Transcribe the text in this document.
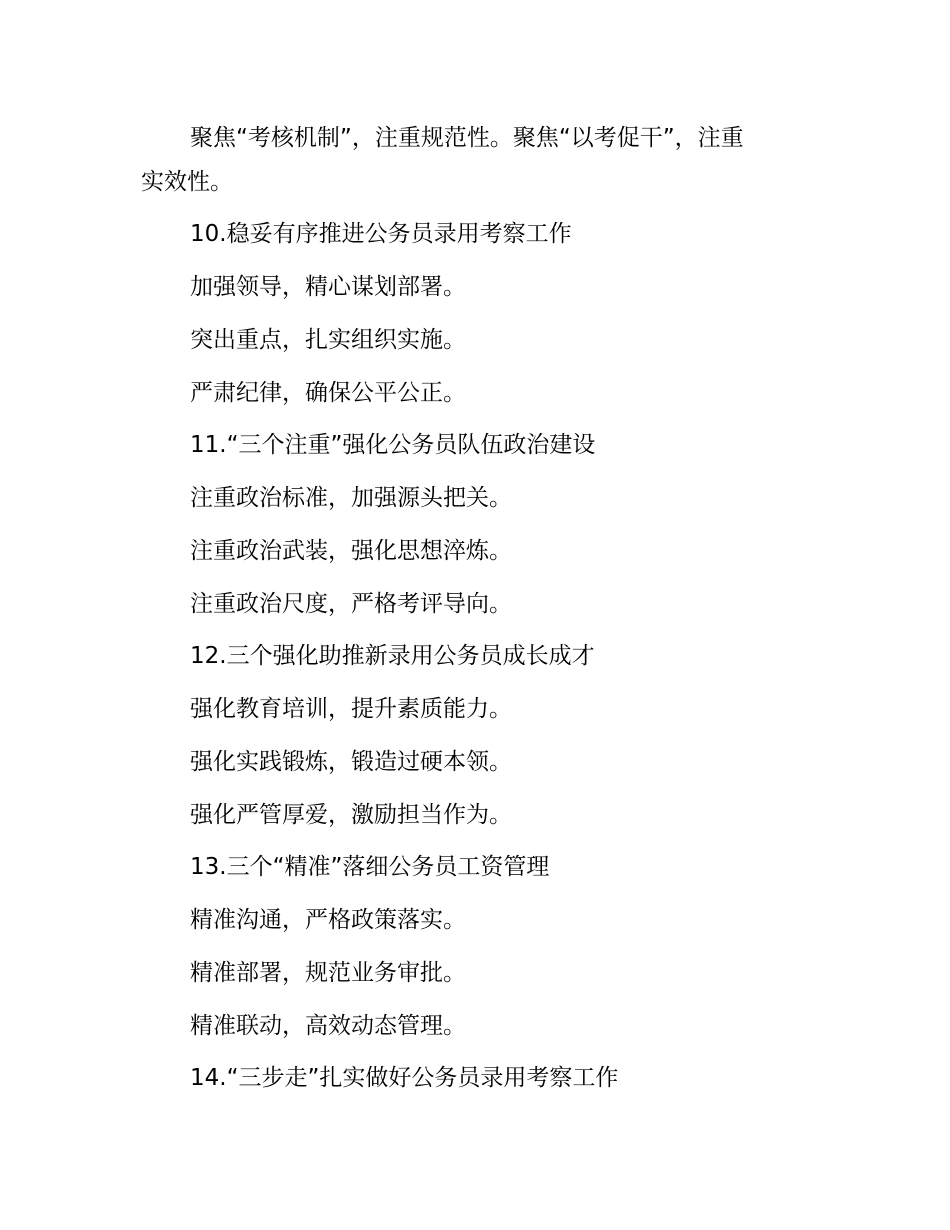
聚焦“考核机制”，注重规范性。聚焦“以考促干”，注重
实效性。
10.稳妥有序推进公务员录用考察工作
加强领导，精心谋划部署。
突出重点，扎实组织实施。
严肃纪律，确保公平公正。
11.“三个注重”强化公务员队伍政治建设
注重政治标准，加强源头把关。
注重政治武装，强化思想淬炼。
注重政治尺度，严格考评导向。
12.三个强化助推新录用公务员成长成才
强化教育培训，提升素质能力。
强化实践锻炼，锻造过硬本领。
强化严管厚爱，激励担当作为。
13.三个“精准”落细公务员工资管理
精准沟通，严格政策落实。
精准部署，规范业务审批。
精准联动，高效动态管理。
14.“三步走”扎实做好公务员录用考察工作
